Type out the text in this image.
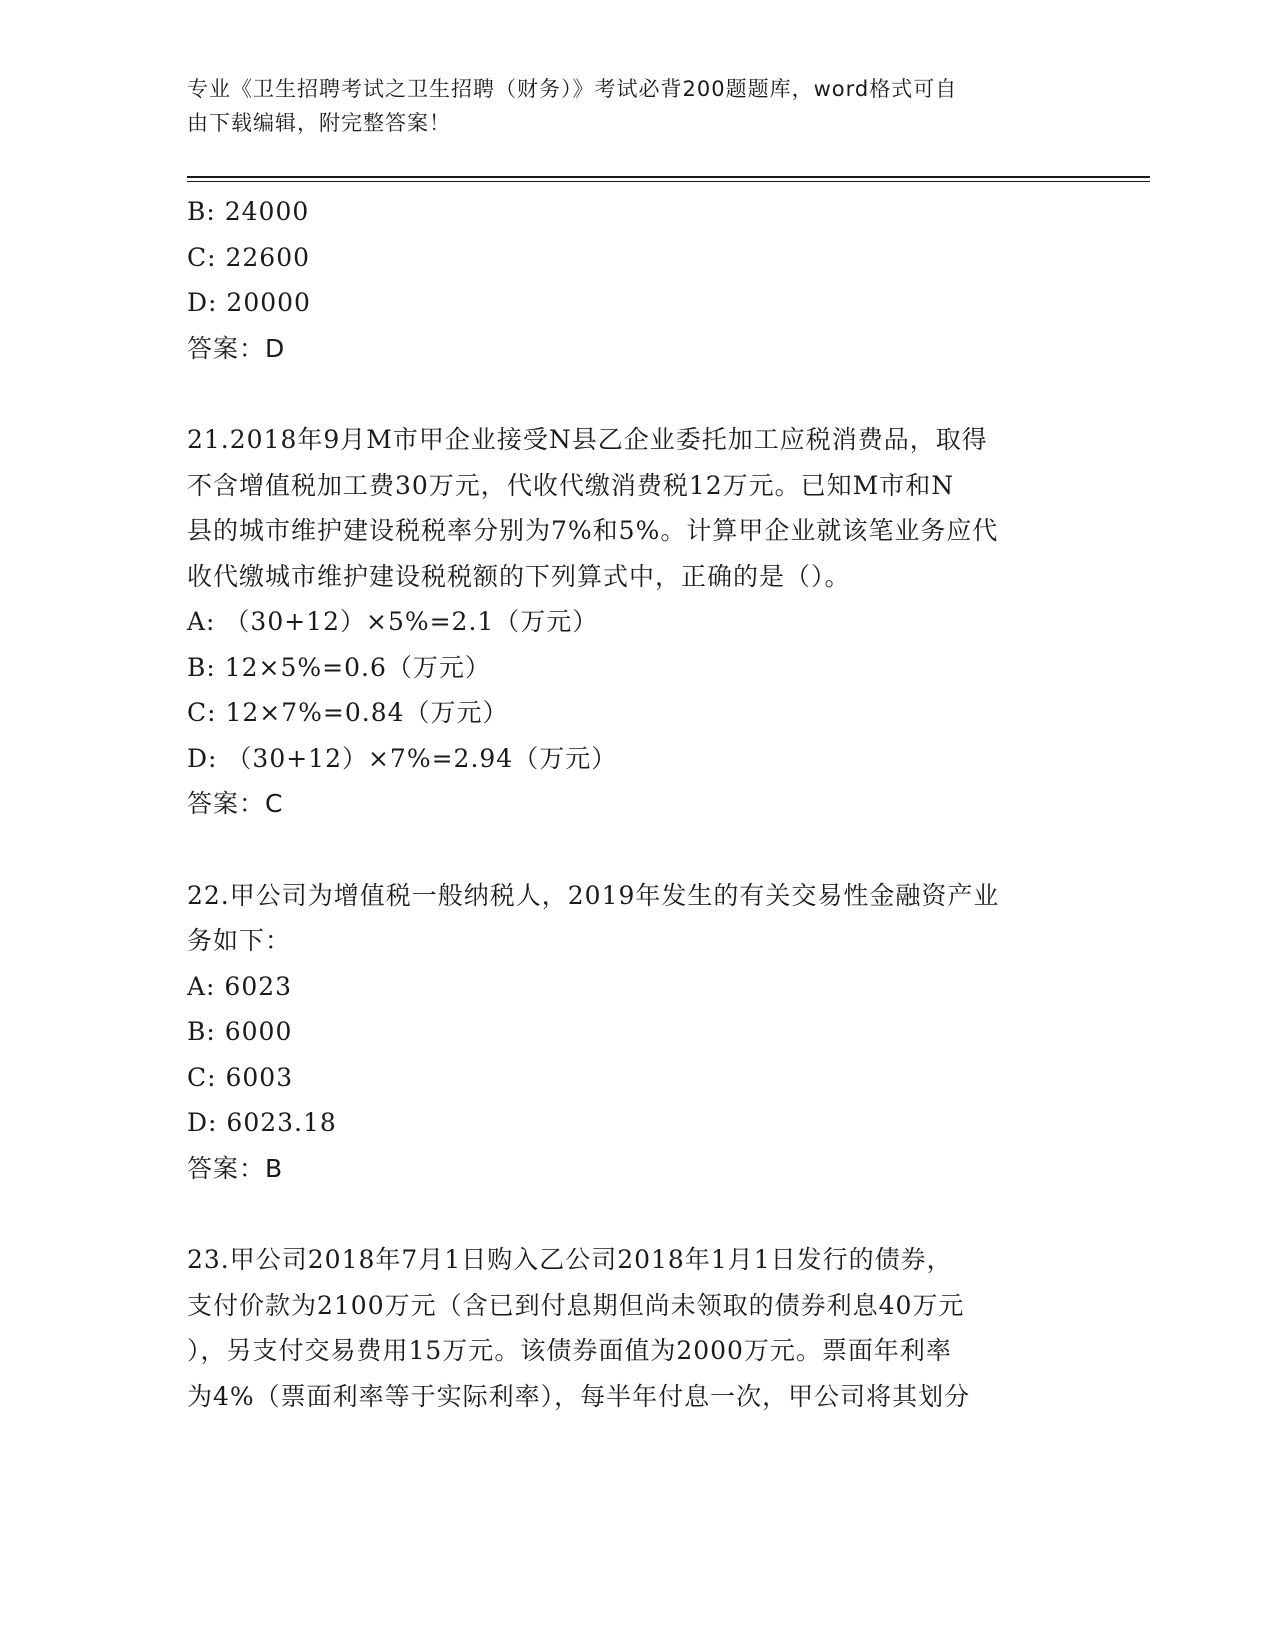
专业《卫生招聘考试之卫生招聘（财务）》考试必背200题题库，word格式可自
由下载编辑，附完整答案！
B: 24000
C: 22600
D: 20000
答案：D
21.2018年9月M市甲企业接受N县乙企业委托加工应税消费品，取得
不含增值税加工费30万元，代收代缴消费税12万元。已知M市和N
县的城市维护建设税税率分别为7%和5%。计算甲企业就该笔业务应代
收代缴城市维护建设税税额的下列算式中，正确的是（）。
A: （30+12）×5%=2.1（万元）
B: 12×5%=0.6（万元）
C: 12×7%=0.84（万元）
D: （30+12）×7%=2.94（万元）
答案：C
22.甲公司为增值税一般纳税人，2019年发生的有关交易性金融资产业
务如下：
A: 6023
B: 6000
C: 6003
D: 6023.18
答案：B
23.甲公司2018年7月1日购入乙公司2018年1月1日发行的债券，
支付价款为2100万元（含已到付息期但尚未领取的债券利息40万元
），另支付交易费用15万元。该债券面值为2000万元。票面年利率
为4%（票面利率等于实际利率），每半年付息一次，甲公司将其划分
